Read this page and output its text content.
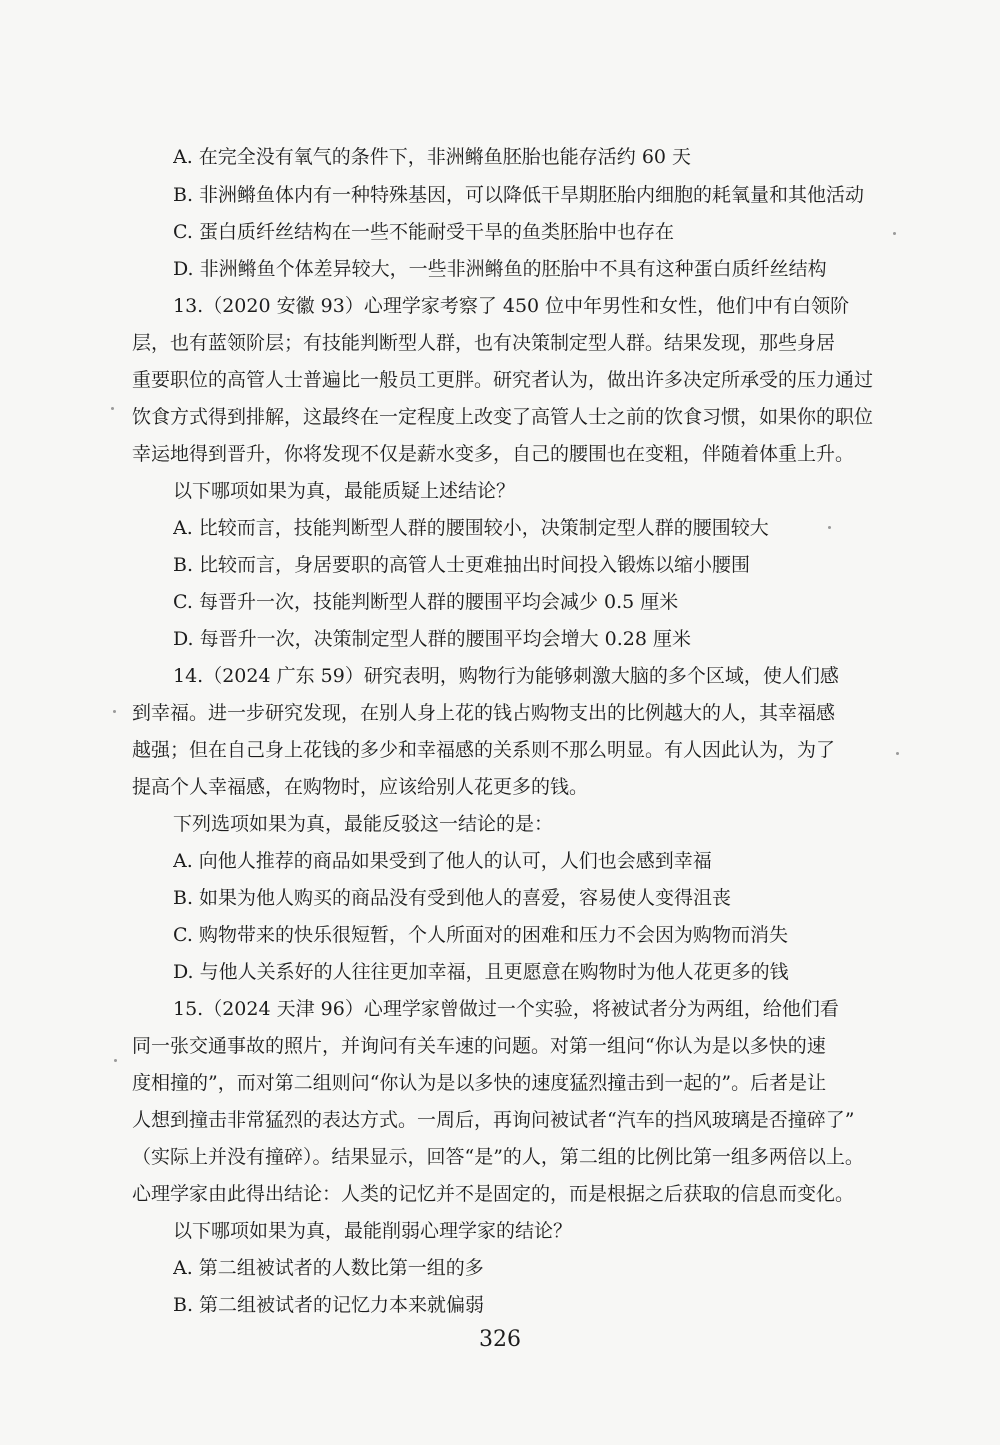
A. 在完全没有氧气的条件下，非洲鳉鱼胚胎也能存活约 60 天
B. 非洲鳉鱼体内有一种特殊基因，可以降低干旱期胚胎内细胞的耗氧量和其他活动
C. 蛋白质纤丝结构在一些不能耐受干旱的鱼类胚胎中也存在
D. 非洲鳉鱼个体差异较大，一些非洲鳉鱼的胚胎中不具有这种蛋白质纤丝结构
13.（2020 安徽 93）心理学家考察了 450 位中年男性和女性，他们中有白领阶
层，也有蓝领阶层；有技能判断型人群，也有决策制定型人群。结果发现，那些身居
重要职位的高管人士普遍比一般员工更胖。研究者认为，做出许多决定所承受的压力通过
饮食方式得到排解，这最终在一定程度上改变了高管人士之前的饮食习惯，如果你的职位
幸运地得到晋升，你将发现不仅是薪水变多，自己的腰围也在变粗，伴随着体重上升。
以下哪项如果为真，最能质疑上述结论？
A. 比较而言，技能判断型人群的腰围较小，决策制定型人群的腰围较大
B. 比较而言，身居要职的高管人士更难抽出时间投入锻炼以缩小腰围
C. 每晋升一次，技能判断型人群的腰围平均会减少 0.5 厘米
D. 每晋升一次，决策制定型人群的腰围平均会增大 0.28 厘米
14.（2024 广东 59）研究表明，购物行为能够刺激大脑的多个区域，使人们感
到幸福。进一步研究发现，在别人身上花的钱占购物支出的比例越大的人，其幸福感
越强；但在自己身上花钱的多少和幸福感的关系则不那么明显。有人因此认为，为了
提高个人幸福感，在购物时，应该给别人花更多的钱。
下列选项如果为真，最能反驳这一结论的是：
A. 向他人推荐的商品如果受到了他人的认可，人们也会感到幸福
B. 如果为他人购买的商品没有受到他人的喜爱，容易使人变得沮丧
C. 购物带来的快乐很短暂，个人所面对的困难和压力不会因为购物而消失
D. 与他人关系好的人往往更加幸福，且更愿意在购物时为他人花更多的钱
15.（2024 天津 96）心理学家曾做过一个实验，将被试者分为两组，给他们看
同一张交通事故的照片，并询问有关车速的问题。对第一组问“你认为是以多快的速
度相撞的”，而对第二组则问“你认为是以多快的速度猛烈撞击到一起的”。后者是让
人想到撞击非常猛烈的表达方式。一周后，再询问被试者“汽车的挡风玻璃是否撞碎了”
（实际上并没有撞碎）。结果显示，回答“是”的人，第二组的比例比第一组多两倍以上。
心理学家由此得出结论：人类的记忆并不是固定的，而是根据之后获取的信息而变化。
以下哪项如果为真，最能削弱心理学家的结论？
A. 第二组被试者的人数比第一组的多
B. 第二组被试者的记忆力本来就偏弱
326
